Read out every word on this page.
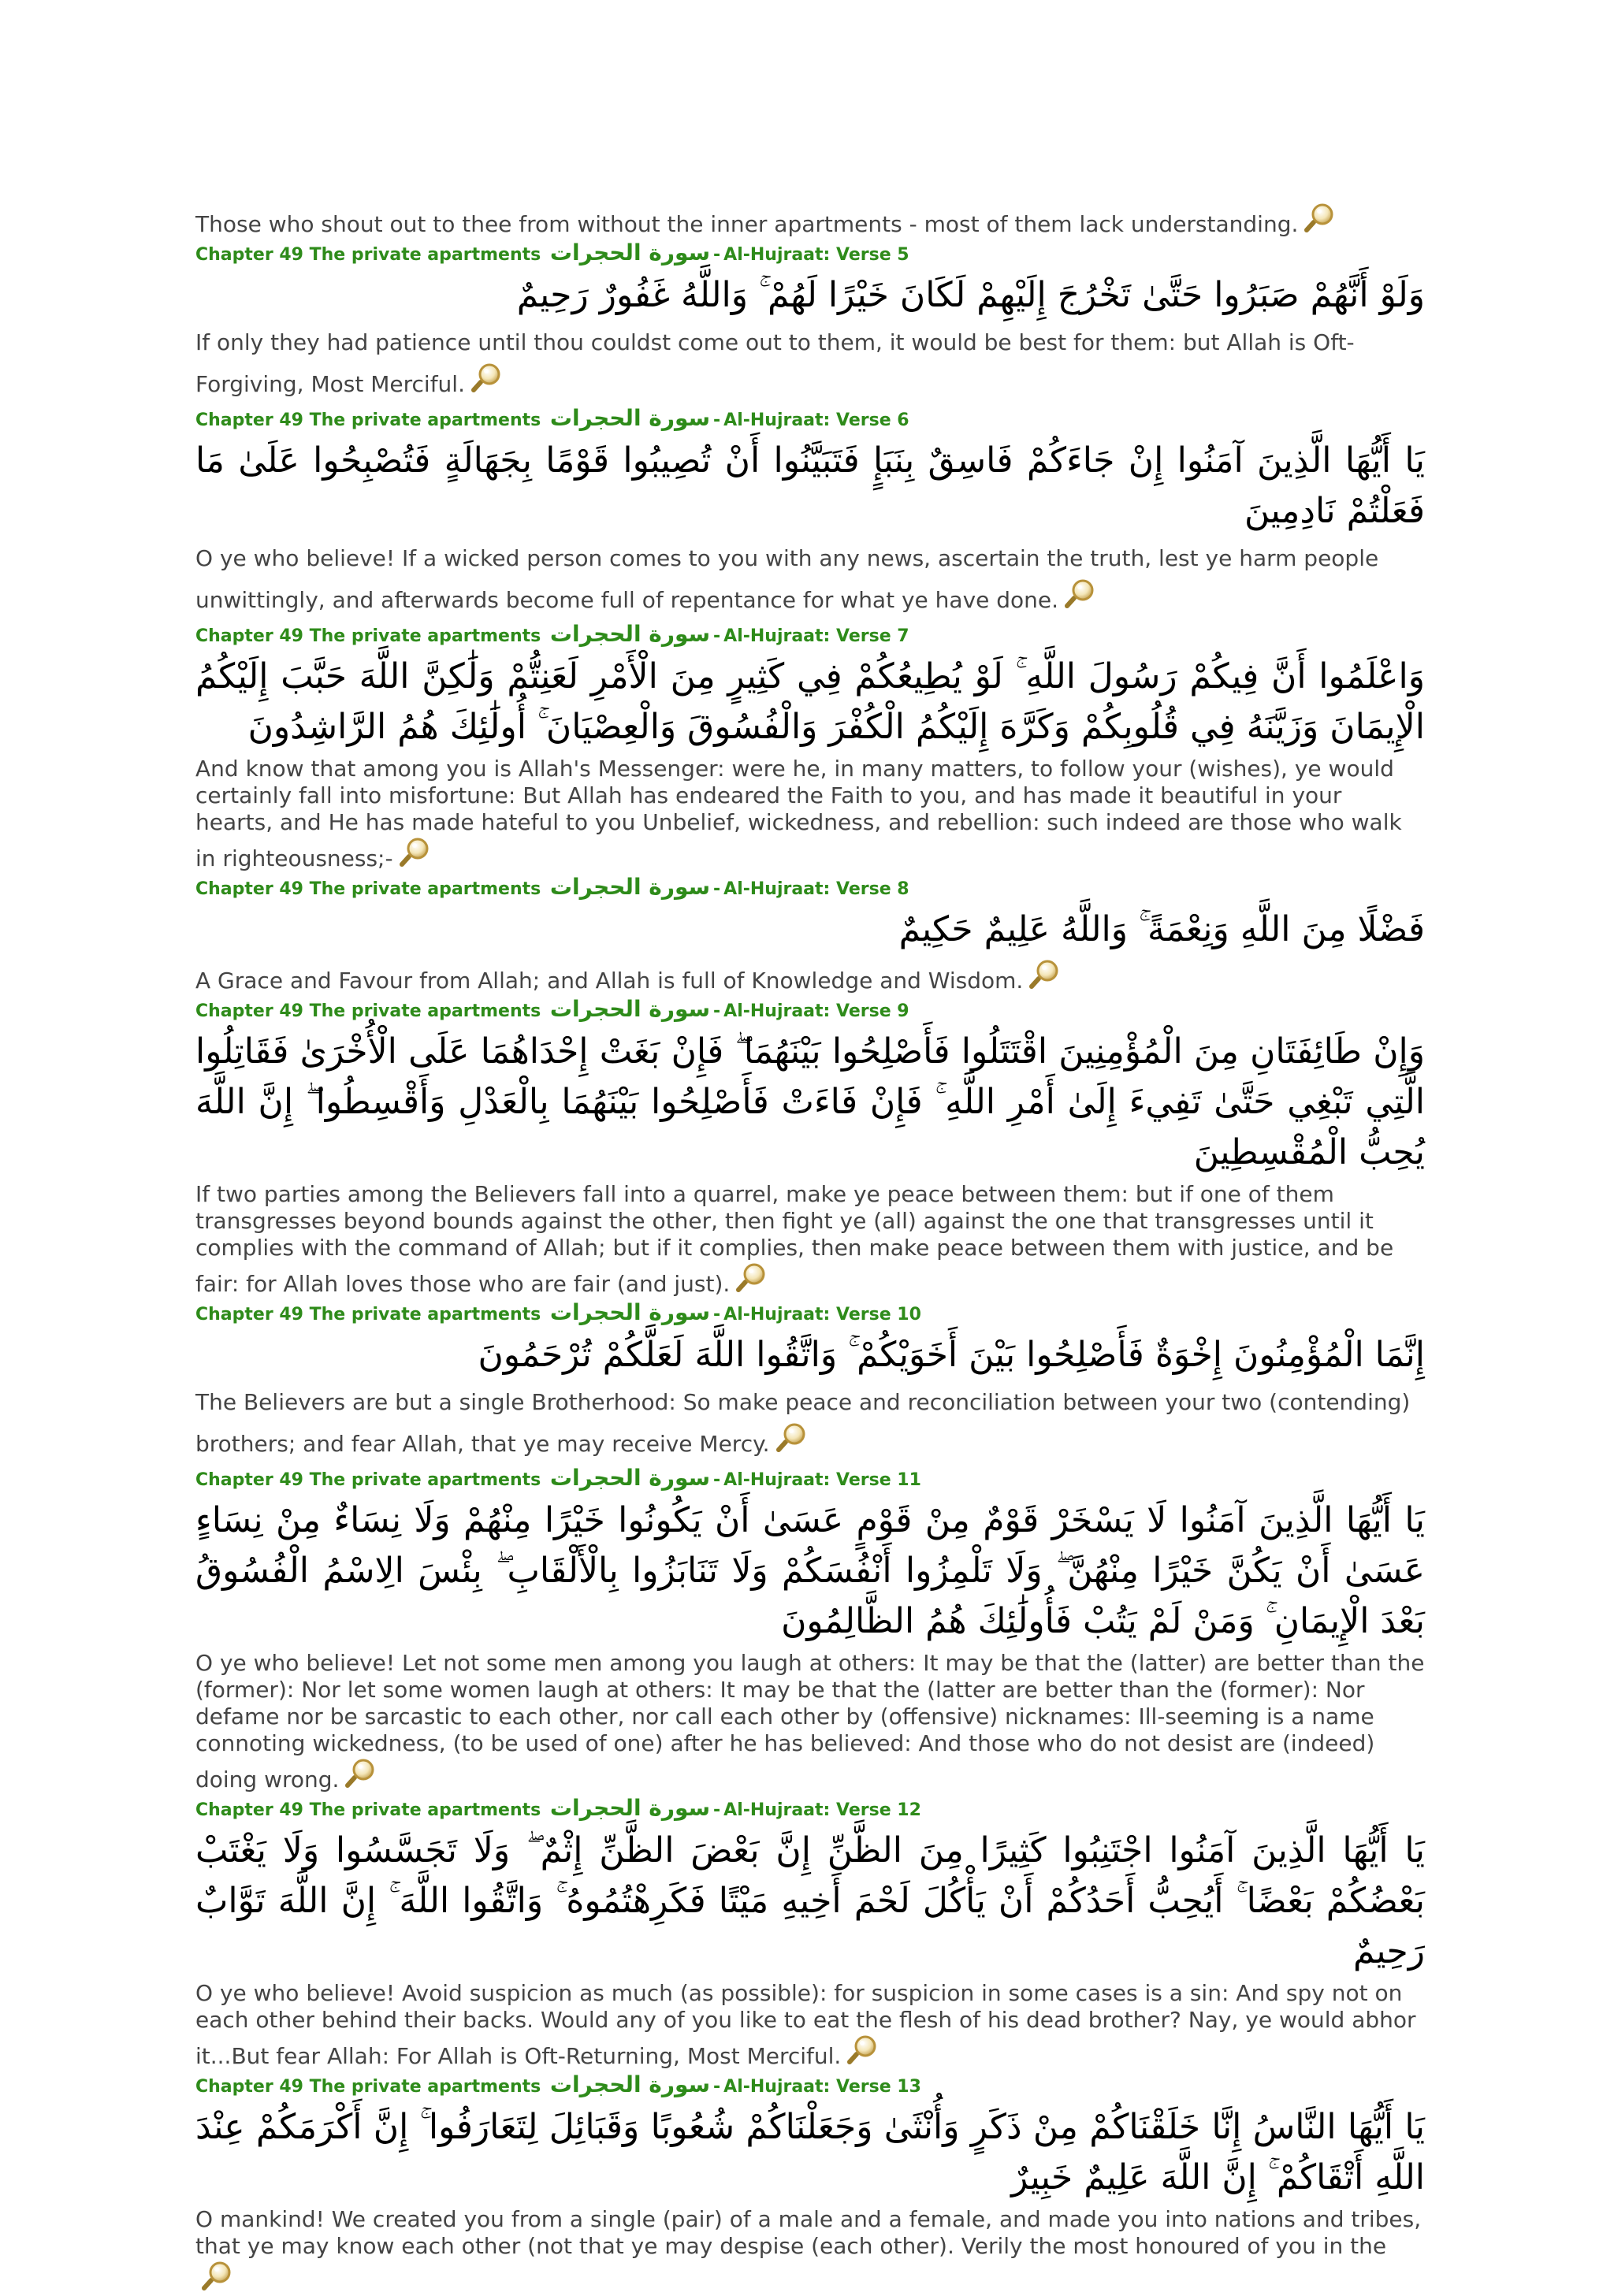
Those who shout out to thee from without the inner apartments - most of them lack understanding.

Chapter 49 The private apartments سورة الحجرات - Al-Hujraat: Verse 5

وَلَوْ أَنَّهُمْ صَبَرُوا حَتَّىٰ تَخْرُجَ إِلَيْهِمْ لَكَانَ خَيْرًا لَهُمْ ۚ وَاللَّهُ غَفُورٌ رَحِيمٌ

If only they had patience until thou couldst come out to them, it would be best for them: but Allah is Oft-Forgiving, Most Merciful.

Chapter 49 The private apartments سورة الحجرات - Al-Hujraat: Verse 6

يَا أَيُّهَا الَّذِينَ آمَنُوا إِنْ جَاءَكُمْ فَاسِقٌ بِنَبَإٍ فَتَبَيَّنُوا أَنْ تُصِيبُوا قَوْمًا بِجَهَالَةٍ فَتُصْبِحُوا عَلَىٰ مَا فَعَلْتُمْ نَادِمِينَ

O ye who believe! If a wicked person comes to you with any news, ascertain the truth, lest ye harm people unwittingly, and afterwards become full of repentance for what ye have done.

Chapter 49 The private apartments سورة الحجرات - Al-Hujraat: Verse 7

وَاعْلَمُوا أَنَّ فِيكُمْ رَسُولَ اللَّهِ ۚ لَوْ يُطِيعُكُمْ فِي كَثِيرٍ مِنَ الْأَمْرِ لَعَنِتُّمْ وَلَٰكِنَّ اللَّهَ حَبَّبَ إِلَيْكُمُ الْإِيمَانَ وَزَيَّنَهُ فِي قُلُوبِكُمْ وَكَرَّهَ إِلَيْكُمُ الْكُفْرَ وَالْفُسُوقَ وَالْعِصْيَانَ ۚ أُولَٰئِكَ هُمُ الرَّاشِدُونَ

And know that among you is Allah's Messenger: were he, in many matters, to follow your (wishes), ye would certainly fall into misfortune: But Allah has endeared the Faith to you, and has made it beautiful in your hearts, and He has made hateful to you Unbelief, wickedness, and rebellion: such indeed are those who walk in righteousness;-

Chapter 49 The private apartments سورة الحجرات - Al-Hujraat: Verse 8

فَضْلًا مِنَ اللَّهِ وَنِعْمَةً ۚ وَاللَّهُ عَلِيمٌ حَكِيمٌ

A Grace and Favour from Allah; and Allah is full of Knowledge and Wisdom.

Chapter 49 The private apartments سورة الحجرات - Al-Hujraat: Verse 9

وَإِنْ طَائِفَتَانِ مِنَ الْمُؤْمِنِينَ اقْتَتَلُوا فَأَصْلِحُوا بَيْنَهُمَا ۖ فَإِنْ بَغَتْ إِحْدَاهُمَا عَلَى الْأُخْرَىٰ فَقَاتِلُوا الَّتِي تَبْغِي حَتَّىٰ تَفِيءَ إِلَىٰ أَمْرِ اللَّهِ ۚ فَإِنْ فَاءَتْ فَأَصْلِحُوا بَيْنَهُمَا بِالْعَدْلِ وَأَقْسِطُوا ۖ إِنَّ اللَّهَ يُحِبُّ الْمُقْسِطِينَ

If two parties among the Believers fall into a quarrel, make ye peace between them: but if one of them transgresses beyond bounds against the other, then fight ye (all) against the one that transgresses until it complies with the command of Allah; but if it complies, then make peace between them with justice, and be fair: for Allah loves those who are fair (and just).

Chapter 49 The private apartments سورة الحجرات - Al-Hujraat: Verse 10

إِنَّمَا الْمُؤْمِنُونَ إِخْوَةٌ فَأَصْلِحُوا بَيْنَ أَخَوَيْكُمْ ۚ وَاتَّقُوا اللَّهَ لَعَلَّكُمْ تُرْحَمُونَ

The Believers are but a single Brotherhood: So make peace and reconciliation between your two (contending) brothers; and fear Allah, that ye may receive Mercy.

Chapter 49 The private apartments سورة الحجرات - Al-Hujraat: Verse 11

يَا أَيُّهَا الَّذِينَ آمَنُوا لَا يَسْخَرْ قَوْمٌ مِنْ قَوْمٍ عَسَىٰ أَنْ يَكُونُوا خَيْرًا مِنْهُمْ وَلَا نِسَاءٌ مِنْ نِسَاءٍ عَسَىٰ أَنْ يَكُنَّ خَيْرًا مِنْهُنَّ ۖ وَلَا تَلْمِزُوا أَنْفُسَكُمْ وَلَا تَنَابَزُوا بِالْأَلْقَابِ ۖ بِئْسَ الِاسْمُ الْفُسُوقُ بَعْدَ الْإِيمَانِ ۚ وَمَنْ لَمْ يَتُبْ فَأُولَٰئِكَ هُمُ الظَّالِمُونَ

O ye who believe! Let not some men among you laugh at others: It may be that the (latter) are better than the (former): Nor let some women laugh at others: It may be that the (latter are better than the (former): Nor defame nor be sarcastic to each other, nor call each other by (offensive) nicknames: Ill-seeming is a name connoting wickedness, (to be used of one) after he has believed: And those who do not desist are (indeed) doing wrong.

Chapter 49 The private apartments سورة الحجرات - Al-Hujraat: Verse 12

يَا أَيُّهَا الَّذِينَ آمَنُوا اجْتَنِبُوا كَثِيرًا مِنَ الظَّنِّ إِنَّ بَعْضَ الظَّنِّ إِثْمٌ ۖ وَلَا تَجَسَّسُوا وَلَا يَغْتَبْ بَعْضُكُمْ بَعْضًا ۚ أَيُحِبُّ أَحَدُكُمْ أَنْ يَأْكُلَ لَحْمَ أَخِيهِ مَيْتًا فَكَرِهْتُمُوهُ ۚ وَاتَّقُوا اللَّهَ ۚ إِنَّ اللَّهَ تَوَّابٌ رَحِيمٌ

O ye who believe! Avoid suspicion as much (as possible): for suspicion in some cases is a sin: And spy not on each other behind their backs. Would any of you like to eat the flesh of his dead brother? Nay, ye would abhor it...But fear Allah: For Allah is Oft-Returning, Most Merciful.

Chapter 49 The private apartments سورة الحجرات - Al-Hujraat: Verse 13

يَا أَيُّهَا النَّاسُ إِنَّا خَلَقْنَاكُمْ مِنْ ذَكَرٍ وَأُنْثَىٰ وَجَعَلْنَاكُمْ شُعُوبًا وَقَبَائِلَ لِتَعَارَفُوا ۚ إِنَّ أَكْرَمَكُمْ عِنْدَ اللَّهِ أَتْقَاكُمْ ۚ إِنَّ اللَّهَ عَلِيمٌ خَبِيرٌ

O mankind! We created you from a single (pair) of a male and a female, and made you into nations and tribes, that ye may know each other (not that ye may despise (each other). Verily the most honoured of you in the
